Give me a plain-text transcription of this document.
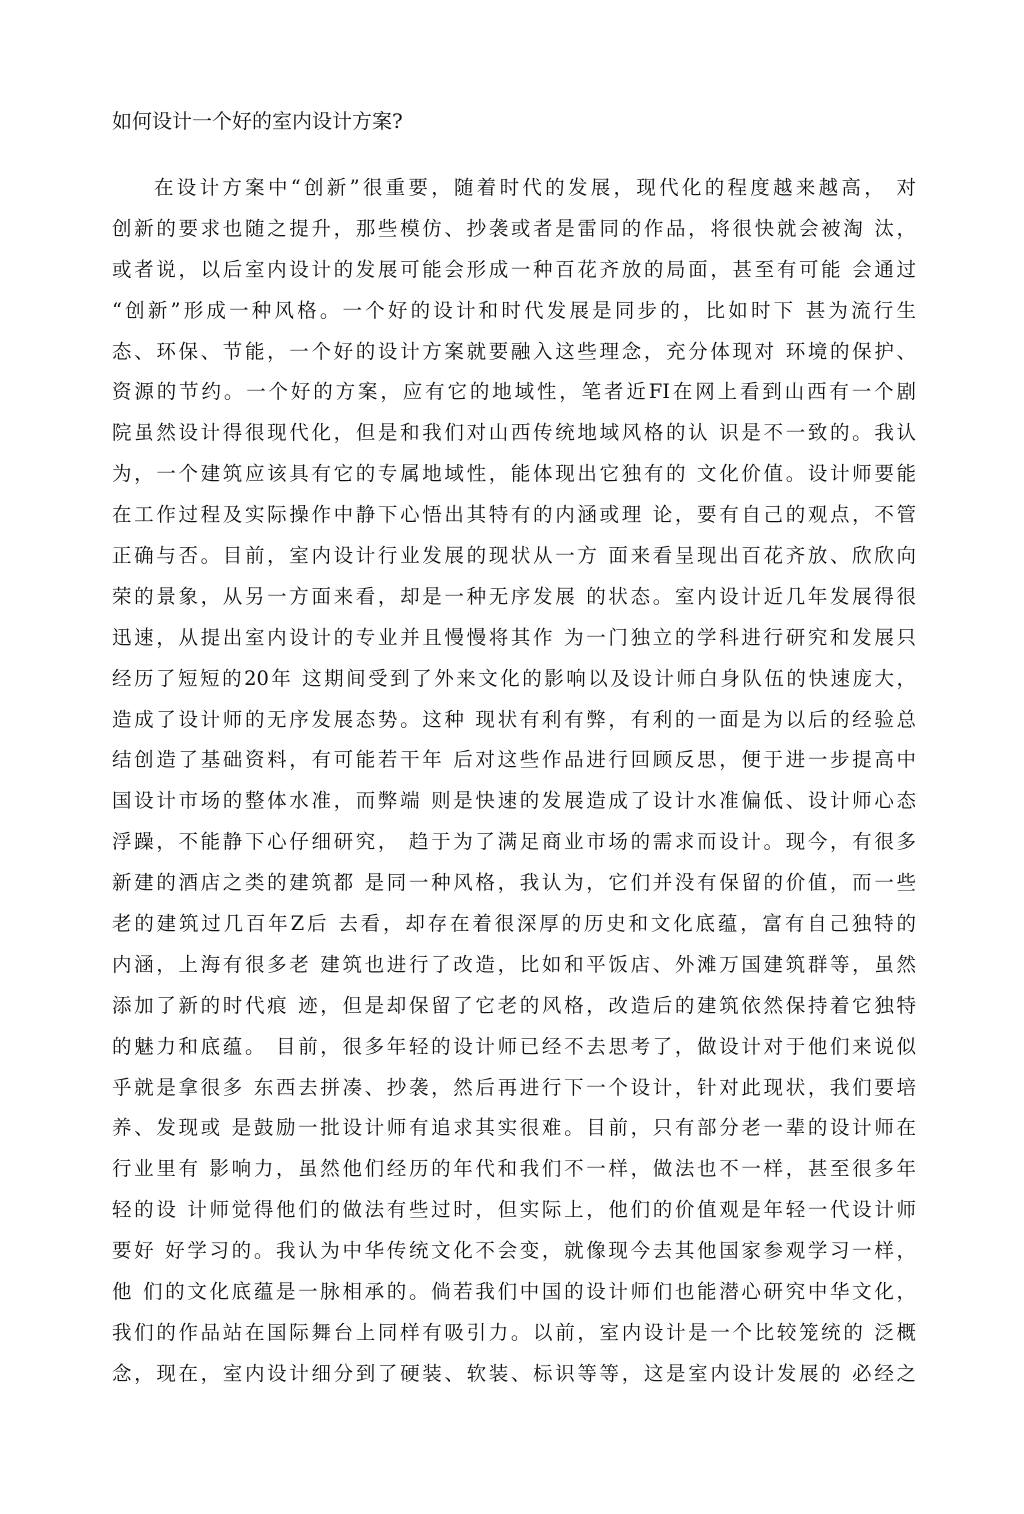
如何设计一个好的室内设计方案?
在设计方案中“创新”很重要，随着时代的发展，现代化的程度越来越高， 对
创新的要求也随之提升，那些模仿、抄袭或者是雷同的作品，将很快就会被淘 汰，
或者说，以后室内设计的发展可能会形成一种百花齐放的局面，甚至有可能 会通过
“创新”形成一种风格。一个好的设计和时代发展是同步的，比如时下 甚为流行生
态、环保、节能，一个好的设计方案就要融入这些理念，充分体现对 环境的保护、
资源的节约。一个好的方案，应有它的地域性，笔者近FI在网上看到山西有一个剧
院虽然设计得很现代化，但是和我们对山西传统地域风格的认 识是不一致的。我认
为，一个建筑应该具有它的专属地域性，能体现出它独有的 文化价值。设计师要能
在工作过程及实际操作中静下心悟出其特有的内涵或理 论，要有自己的观点，不管
正确与否。目前，室内设计行业发展的现状从一方 面来看呈现出百花齐放、欣欣向
荣的景象，从另一方面来看，却是一种无序发展 的状态。室内设计近几年发展得很
迅速，从提出室内设计的专业并且慢慢将其作 为一门独立的学科进行研究和发展只
经历了短短的20年 这期间受到了外来文化的影响以及设计师白身队伍的快速庞大，
造成了设计师的无序发展态势。这种 现状有利有弊，有利的一面是为以后的经验总
结创造了基础资料，有可能若干年 后对这些作品进行回顾反思，便于进一步提高中
国设计市场的整体水准，而弊端 则是快速的发展造成了设计水准偏低、设计师心态
浮躁，不能静下心仔细研究， 趋于为了满足商业市场的需求而设计。现今，有很多
新建的酒店之类的建筑都 是同一种风格，我认为，它们并没有保留的价值，而一些
老的建筑过几百年Z后 去看，却存在着很深厚的历史和文化底蕴，富有自己独特的
内涵，上海有很多老 建筑也进行了改造，比如和平饭店、外滩万国建筑群等，虽然
添加了新的时代痕 迹，但是却保留了它老的风格，改造后的建筑依然保持着它独特
的魅力和底蕴。 目前，很多年轻的设计师已经不去思考了，做设计对于他们来说似
乎就是拿很多 东西去拼凑、抄袭，然后再进行下一个设计，针对此现状，我们要培
养、发现或 是鼓励一批设计师有追求其实很难。目前，只有部分老一辈的设计师在
行业里有 影响力，虽然他们经历的年代和我们不一样，做法也不一样，甚至很多年
轻的设 计师觉得他们的做法有些过时，但实际上，他们的价值观是年轻一代设计师
要好 好学习的。我认为中华传统文化不会变，就像现今去其他国家参观学习一样，
他 们的文化底蕴是一脉相承的。倘若我们中国的设计师们也能潜心研究中华文化，
我们的作品站在国际舞台上同样有吸引力。以前，室内设计是一个比较笼统的 泛概
念，现在，室内设计细分到了硬装、软装、标识等等，这是室内设计发展的 必经之
